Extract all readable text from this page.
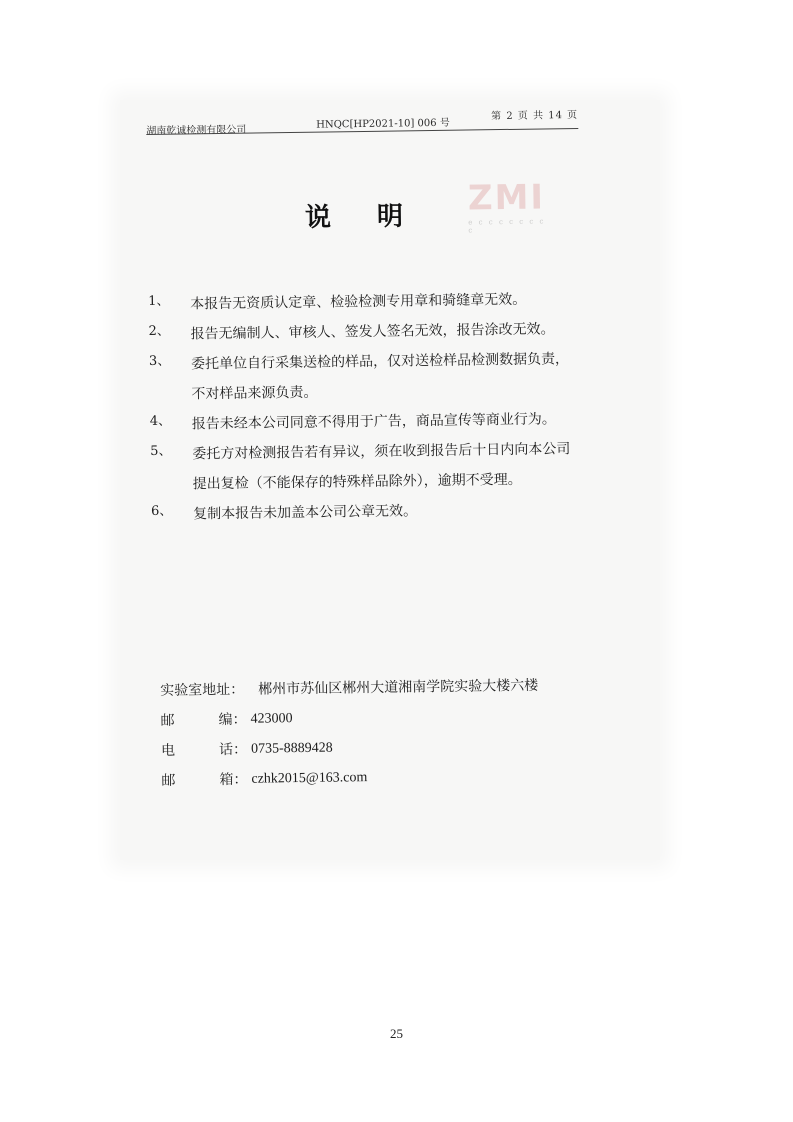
湖南乾诚检测有限公司
HNQC[HP2021-10] 006 号
第 2 页 共 14 页
说明 ZMI
e c c c c c c c c
1、	本报告无资质认定章、检验检测专用章和骑缝章无效。
2、	报告无编制人、审核人、签发人签名无效，报告涂改无效。
3、	委托单位自行采集送检的样品，仅对送检样品检测数据负责，
不对样品来源负责。
4、	报告未经本公司同意不得用于广告，商品宣传等商业行为。
5、	委托方对检测报告若有异议，须在收到报告后十日内向本公司
提出复检（不能保存的特殊样品除外），逾期不受理。
6、	复制本报告未加盖本公司公章无效。
实验室地址： 郴州市苏仙区郴州大道湘南学院实验大楼六楼
邮	编 ： 423000
电	话 ： 0735-8889428
邮	箱 ： czhk2015@163.com
25
